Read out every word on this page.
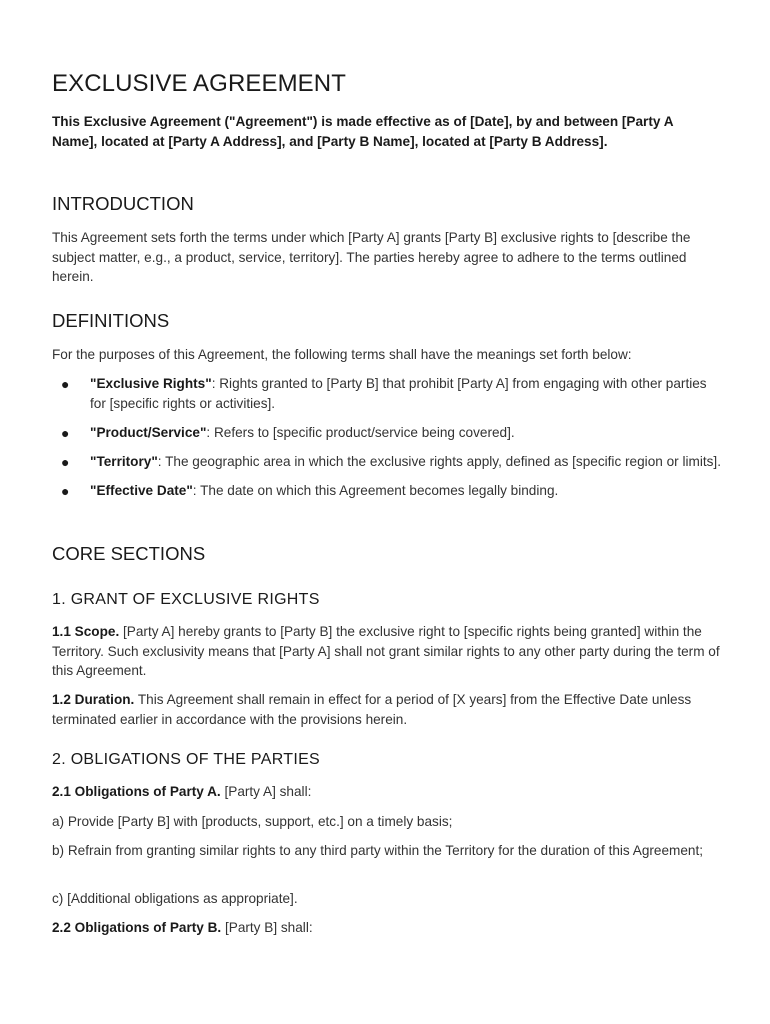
EXCLUSIVE AGREEMENT

This Exclusive Agreement ("Agreement") is made effective as of [Date], by and between [Party A Name], located at [Party A Address], and [Party B Name], located at [Party B Address].

INTRODUCTION

This Agreement sets forth the terms under which [Party A] grants [Party B] exclusive rights to [describe the subject matter, e.g., a product, service, territory]. The parties hereby agree to adhere to the terms outlined herein.

DEFINITIONS

For the purposes of this Agreement, the following terms shall have the meanings set forth below:

● "Exclusive Rights": Rights granted to [Party B] that prohibit [Party A] from engaging with other parties for [specific rights or activities].
● "Product/Service": Refers to [specific product/service being covered].
● "Territory": The geographic area in which the exclusive rights apply, defined as [specific region or limits].
● "Effective Date": The date on which this Agreement becomes legally binding.
CORE SECTIONS
1. GRANT OF EXCLUSIVE RIGHTS

1.1 Scope. [Party A] hereby grants to [Party B] the exclusive right to [specific rights being granted] within the Territory. Such exclusivity means that [Party A] shall not grant similar rights to any other party during the term of this Agreement.

1.2 Duration. This Agreement shall remain in effect for a period of [X years] from the Effective Date unless terminated earlier in accordance with the provisions herein.

2. OBLIGATIONS OF THE PARTIES

2.1 Obligations of Party A. [Party A] shall:

a) Provide [Party B] with [products, support, etc.] on a timely basis;

b) Refrain from granting similar rights to any third party within the Territory for the duration of this Agreement;

c) [Additional obligations as appropriate].

2.2 Obligations of Party B. [Party B] shall:
